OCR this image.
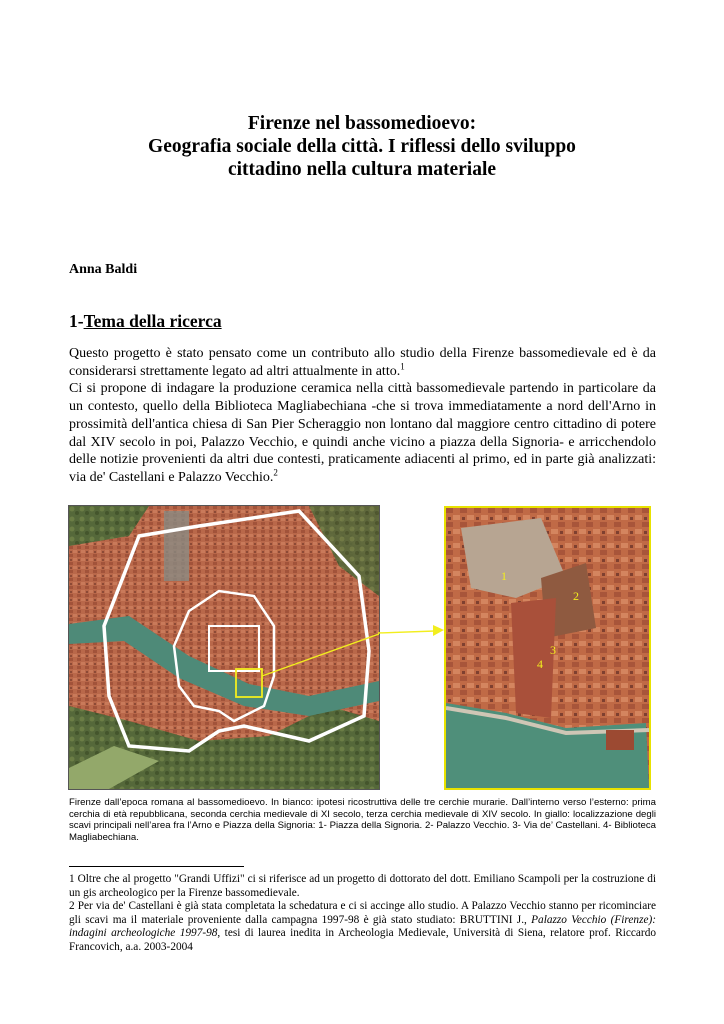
Firenze nel bassomedioevo:
Geografia sociale della città. I riflessi dello sviluppo
cittadino nella cultura materiale
Anna Baldi
1-Tema della ricerca

Questo progetto è stato pensato come un contributo allo studio della Firenze bassomedievale ed è da considerarsi strettamente legato ad altri attualmente in atto.$^1$

Ci si propone di indagare la produzione ceramica nella città bassomedievale partendo in particolare da un contesto, quello della Biblioteca Magliabechiana -che si trova immediatamente a nord dell'Arno in prossimità dell'antica chiesa di San Pier Scheraggio non lontano dal maggiore centro cittadino di potere dal XIV secolo in poi, Palazzo Vecchio, e quindi anche vicino a piazza della Signoria- e arricchendolo delle notizie provenienti da altri due contesti, praticamente adiacenti al primo, ed in parte già analizzati: via de' Castellani e Palazzo Vecchio.$^2$

1
2
3
4
Firenze dall’epoca romana al bassomedioevo. In bianco: ipotesi ricostruttiva delle tre cerchie murarie. Dall’interno verso l’esterno: prima cerchia di età repubblicana, seconda cerchia medievale di XI secolo, terza cerchia medievale di XIV secolo. In giallo: localizzazione degli scavi principali nell’area fra l’Arno e Piazza della Signoria: 1- Piazza della Signoria. 2- Palazzo Vecchio. 3- Via de’ Castellani. 4- Biblioteca Magliabechiana.

1 Oltre che al progetto "Grandi Uffizi" ci si riferisce ad un progetto di dottorato del dott. Emiliano Scampoli per la costruzione di un gis archeologico per la Firenze bassomedievale.

2 Per via de' Castellani è già stata completata la schedatura e ci si accinge allo studio. A Palazzo Vecchio stanno per ricominciare gli scavi ma il materiale proveniente dalla campagna 1997-98 è già stato studiato: BRUTTINI J., Palazzo Vecchio (Firenze): indagini archeologiche 1997-98, tesi di laurea inedita in Archeologia Medievale, Università di Siena, relatore prof. Riccardo Francovich, a.a. 2003-2004
